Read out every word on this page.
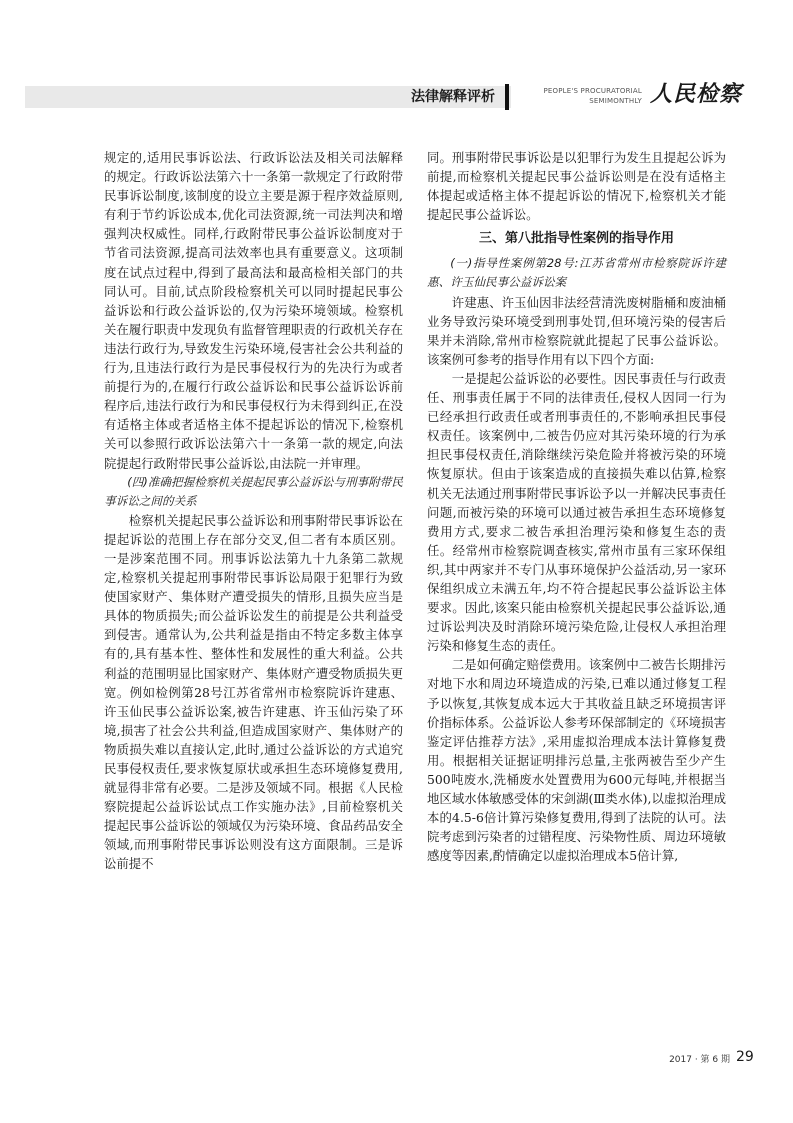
法律解释评析	PEOPLE'S PROCURATORIAL
SEMIMONTHLY 人民检察

规定的,适用民事诉讼法、行政诉讼法及相关司法解释的规定。行政诉讼法第六十一条第一款规定了行政附带民事诉讼制度,该制度的设立主要是源于程序效益原则,有利于节约诉讼成本,优化司法资源,统一司法判决和增强判决权威性。同样,行政附带民事公益诉讼制度对于节省司法资源,提高司法效率也具有重要意义。这项制度在试点过程中,得到了最高法和最高检相关部门的共同认可。目前,试点阶段检察机关可以同时提起民事公益诉讼和行政公益诉讼的,仅为污染环境领域。检察机关在履行职责中发现负有监督管理职责的行政机关存在违法行政行为,导致发生污染环境,侵害社会公共利益的行为,且违法行政行为是民事侵权行为的先决行为或者前提行为的,在履行行政公益诉讼和民事公益诉讼诉前程序后,违法行政行为和民事侵权行为未得到纠正,在没有适格主体或者适格主体不提起诉讼的情况下,检察机关可以参照行政诉讼法第六十一条第一款的规定,向法院提起行政附带民事公益诉讼,由法院一并审理。

(四)准确把握检察机关提起民事公益诉讼与刑事附带民事诉讼之间的关系

检察机关提起民事公益诉讼和刑事附带民事诉讼在提起诉讼的范围上存在部分交叉,但二者有本质区别。一是涉案范围不同。刑事诉讼法第九十九条第二款规定,检察机关提起刑事附带民事诉讼局限于犯罪行为致使国家财产、集体财产遭受损失的情形,且损失应当是具体的物质损失;而公益诉讼发生的前提是公共利益受到侵害。通常认为,公共利益是指由不特定多数主体享有的,具有基本性、整体性和发展性的重大利益。公共利益的范围明显比国家财产、集体财产遭受物质损失更宽。例如检例第28号江苏省常州市检察院诉许建惠、许玉仙民事公益诉讼案,被告许建惠、许玉仙污染了环境,损害了社会公共利益,但造成国家财产、集体财产的物质损失难以直接认定,此时,通过公益诉讼的方式追究民事侵权责任,要求恢复原状或承担生态环境修复费用,就显得非常有必要。二是涉及领域不同。根据《人民检察院提起公益诉讼试点工作实施办法》,目前检察机关提起民事公益诉讼的领域仅为污染环境、食品药品安全领域,而刑事附带民事诉讼则没有这方面限制。三是诉讼前提不

同。刑事附带民事诉讼是以犯罪行为发生且提起公诉为前提,而检察机关提起民事公益诉讼则是在没有适格主体提起或适格主体不提起诉讼的情况下,检察机关才能提起民事公益诉讼。

三、第八批指导性案例的指导作用

(一)指导性案例第28号:江苏省常州市检察院诉许建惠、许玉仙民事公益诉讼案

许建惠、许玉仙因非法经营清洗废树脂桶和废油桶业务导致污染环境受到刑事处罚,但环境污染的侵害后果并未消除,常州市检察院就此提起了民事公益诉讼。该案例可参考的指导作用有以下四个方面:

一是提起公益诉讼的必要性。因民事责任与行政责任、刑事责任属于不同的法律责任,侵权人因同一行为已经承担行政责任或者刑事责任的,不影响承担民事侵权责任。该案例中,二被告仍应对其污染环境的行为承担民事侵权责任,消除继续污染危险并将被污染的环境恢复原状。但由于该案造成的直接损失难以估算,检察机关无法通过刑事附带民事诉讼予以一并解决民事责任问题,而被污染的环境可以通过被告承担生态环境修复费用方式,要求二被告承担治理污染和修复生态的责任。经常州市检察院调查核实,常州市虽有三家环保组织,其中两家并不专门从事环境保护公益活动,另一家环保组织成立未满五年,均不符合提起民事公益诉讼主体要求。因此,该案只能由检察机关提起民事公益诉讼,通过诉讼判决及时消除环境污染危险,让侵权人承担治理污染和修复生态的责任。

二是如何确定赔偿费用。该案例中二被告长期排污对地下水和周边环境造成的污染,已难以通过修复工程予以恢复,其恢复成本远大于其收益且缺乏环境损害评价指标体系。公益诉讼人参考环保部制定的《环境损害鉴定评估推荐方法》,采用虚拟治理成本法计算修复费用。根据相关证据证明排污总量,主张两被告至少产生500吨废水,洗桶废水处置费用为600元每吨,并根据当地区域水体敏感受体的宋剑湖(Ⅲ类水体),以虚拟治理成本的4.5-6倍计算污染修复费用,得到了法院的认可。法院考虑到污染者的过错程度、污染物性质、周边环境敏感度等因素,酌情确定以虚拟治理成本5倍计算,

2017 · 第 6 期 29
